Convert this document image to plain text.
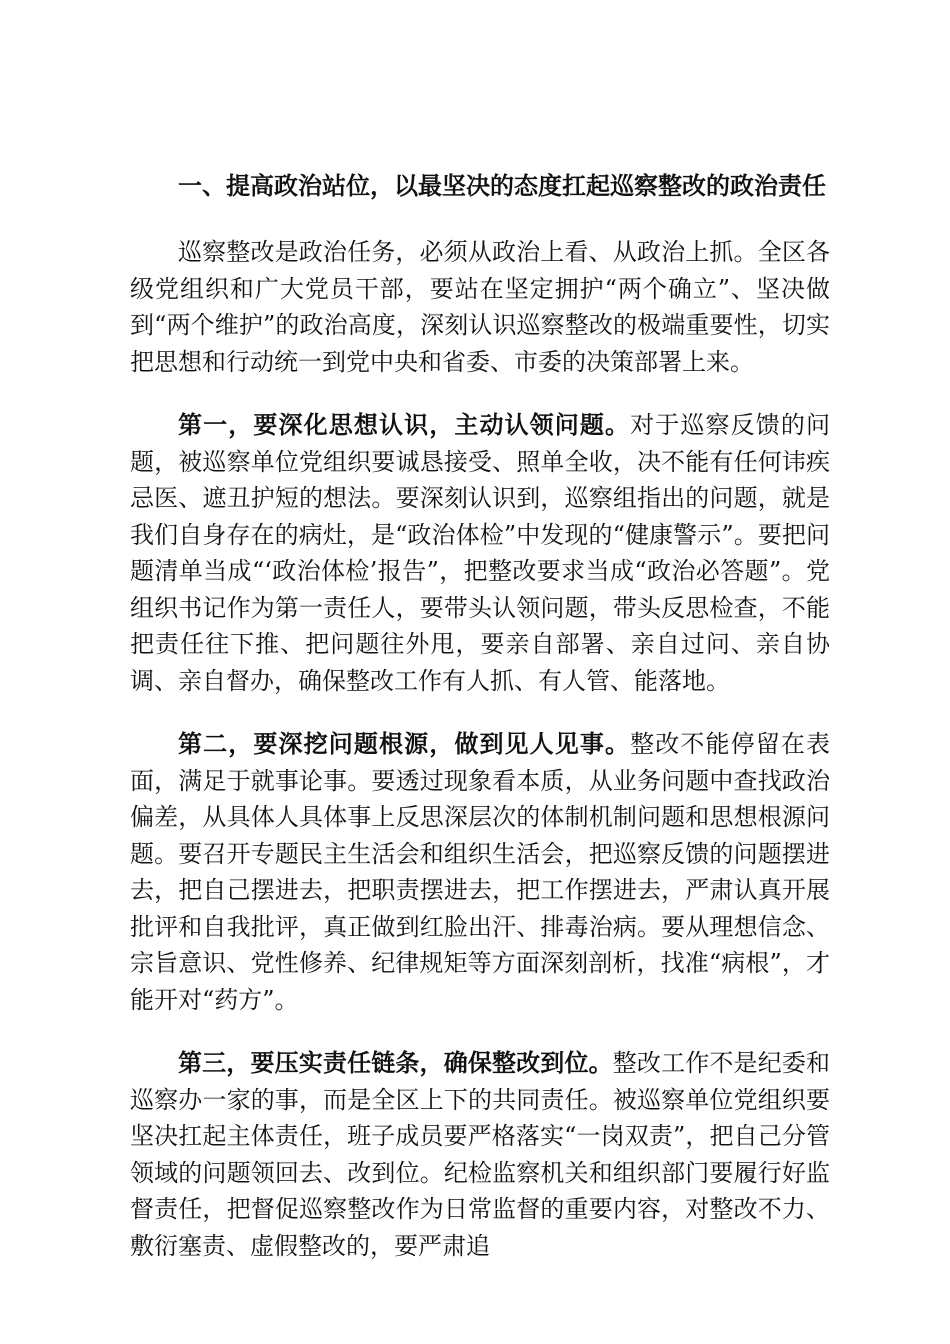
一、提高政治站位，以最坚决的态度扛起巡察整改的政治责任

巡察整改是政治任务，必须从政治上看、从政治上抓。全区各级党组织和广大党员干部，要站在坚定拥护“两个确立”、坚决做到“两个维护”的政治高度，深刻认识巡察整改的极端重要性，切实把思想和行动统一到党中央和省委、市委的决策部署上来。

第一，要深化思想认识，主动认领问题。对于巡察反馈的问题，被巡察单位党组织要诚恳接受、照单全收，决不能有任何讳疾忌医、遮丑护短的想法。要深刻认识到，巡察组指出的问题，就是我们自身存在的病灶，是“政治体检”中发现的“健康警示”。要把问题清单当成“‘政治体检’报告”，把整改要求当成“政治必答题”。党组织书记作为第一责任人，要带头认领问题，带头反思检查，不能把责任往下推、把问题往外甩，要亲自部署、亲自过问、亲自协调、亲自督办，确保整改工作有人抓、有人管、能落地。

第二，要深挖问题根源，做到见人见事。整改不能停留在表面，满足于就事论事。要透过现象看本质，从业务问题中查找政治偏差，从具体人具体事上反思深层次的体制机制问题和思想根源问题。要召开专题民主生活会和组织生活会，把巡察反馈的问题摆进去，把自己摆进去，把职责摆进去，把工作摆进去，严肃认真开展批评和自我批评，真正做到红脸出汗、排毒治病。要从理想信念、宗旨意识、党性修养、纪律规矩等方面深刻剖析，找准“病根”，才能开对“药方”。

第三，要压实责任链条，确保整改到位。整改工作不是纪委和巡察办一家的事，而是全区上下的共同责任。被巡察单位党组织要坚决扛起主体责任，班子成员要严格落实“一岗双责”，把自己分管领域的问题领回去、改到位。纪检监察机关和组织部门要履行好监督责任，把督促巡察整改作为日常监督的重要内容，对整改不力、敷衍塞责、虚假整改的，要严肃追
